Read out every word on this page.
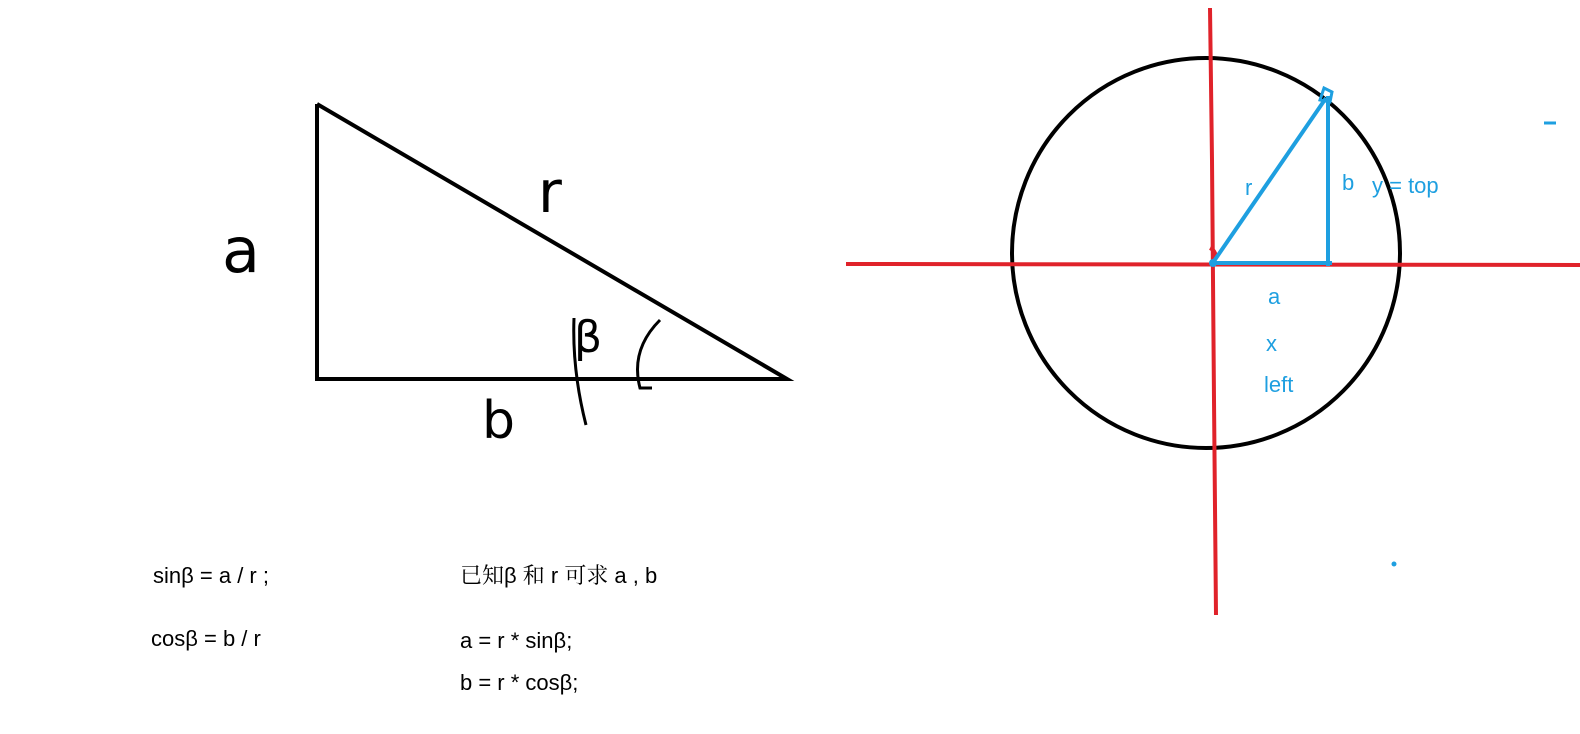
a
r
b
β
sinβ = a / r ;
cosβ = b / r
已知β 和 r 可求 a , b
a = r * sinβ;
b = r * cosβ;
r	b y = top
a
x
left
